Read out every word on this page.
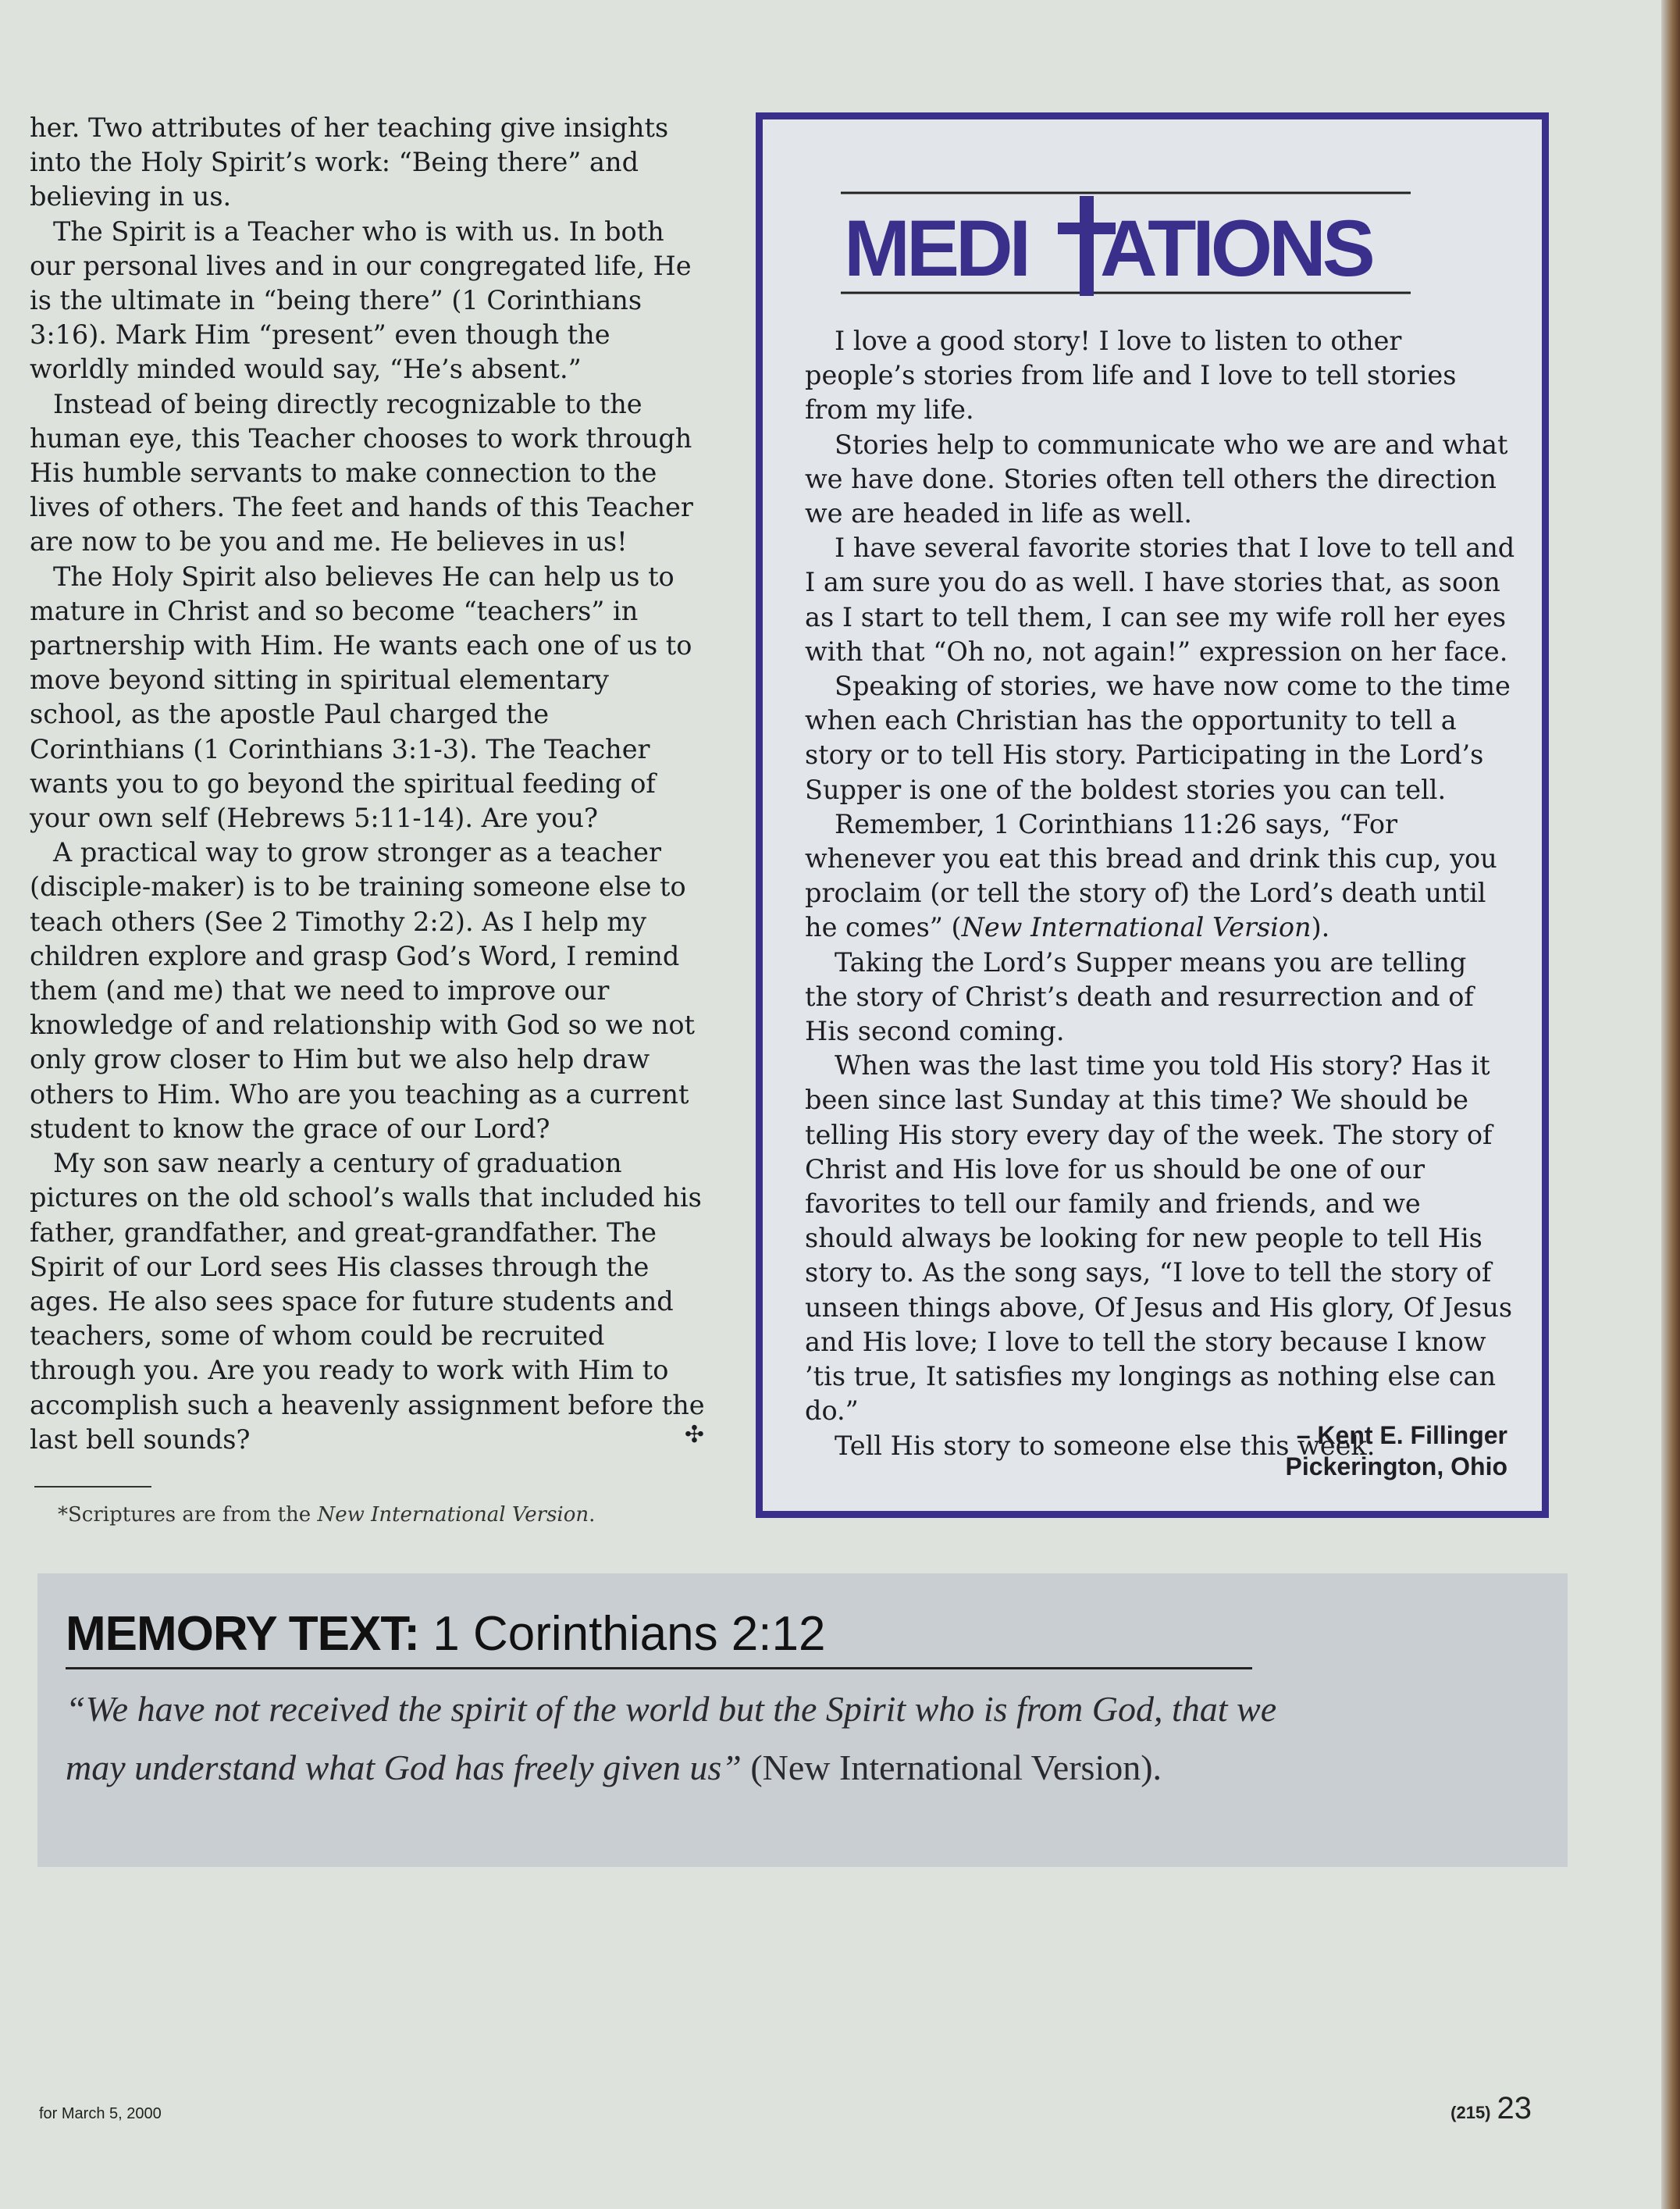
her. Two attributes of her teaching give insights into the Holy Spirit’s work: “Being there” and believing in us.

The Spirit is a Teacher who is with us. In both our personal lives and in our congregated life, He is the ultimate in “being there” (1 Corinthians 3:16). Mark Him “present” even though the worldly minded would say, “He’s absent.”

Instead of being directly recognizable to the human eye, this Teacher chooses to work through His humble servants to make connection to the lives of others. The feet and hands of this Teacher are now to be you and me. He believes in us!

The Holy Spirit also believes He can help us to mature in Christ and so become “teachers” in partnership with Him. He wants each one of us to move beyond sitting in spiritual elementary school, as the apostle Paul charged the Corinthians (1 Corinthians 3:1-3). The Teacher wants you to go beyond the spiritual feeding of your own self (Hebrews 5:11-14). Are you?

A practical way to grow stronger as a teacher (disciple-maker) is to be training someone else to teach others (See 2 Timothy 2:2). As I help my children explore and grasp God’s Word, I remind them (and me) that we need to improve our knowledge of and relationship with God so we not only grow closer to Him but we also help draw others to Him. Who are you teaching as a current student to know the grace of our Lord?

My son saw nearly a century of graduation pictures on the old school’s walls that included his father, grandfather, and great-grandfather. The Spirit of our Lord sees His classes through the ages. He also sees space for future students and teachers, some of whom could be recruited through you. Are you ready to work with Him to accomplish such a heavenly assignment before the last bell sounds?	✣
*Scriptures are from the New International Version.
MEDI ATIONS

I love a good story! I love to listen to other people’s stories from life and I love to tell stories from my life.

Stories help to communicate who we are and what we have done. Stories often tell others the direction we are headed in life as well.

I have several favorite stories that I love to tell and I am sure you do as well. I have stories that, as soon as I start to tell them, I can see my wife roll her eyes with that “Oh no, not again!” expression on her face.

Speaking of stories, we have now come to the time when each Christian has the opportunity to tell a story or to tell His story. Participating in the Lord’s Supper is one of the boldest stories you can tell.

Remember, 1 Corinthians 11:26 says, “For whenever you eat this bread and drink this cup, you proclaim (or tell the story of) the Lord’s death until he comes” (New International Version).

Taking the Lord’s Supper means you are telling the story of Christ’s death and resurrection and of His second coming.

When was the last time you told His story? Has it been since last Sunday at this time? We should be telling His story every day of the week. The story of Christ and His love for us should be one of our favorites to tell our family and friends, and we should always be looking for new people to tell His story to. As the song says, “I love to tell the story of unseen things above, Of Jesus and His glory, Of Jesus and His love; I love to tell the story because I know ’tis true, It satisfies my longings as nothing else can do.”

Tell His story to someone else this week.

– Kent E. Fillinger
Pickerington, Ohio
MEMORY TEXT: 1 Corinthians 2:12
“We have not received the spirit of the world but the Spirit who is from God, that we may understand what God has freely given us” (New International Version).
for March 5, 2000	(215) 23
